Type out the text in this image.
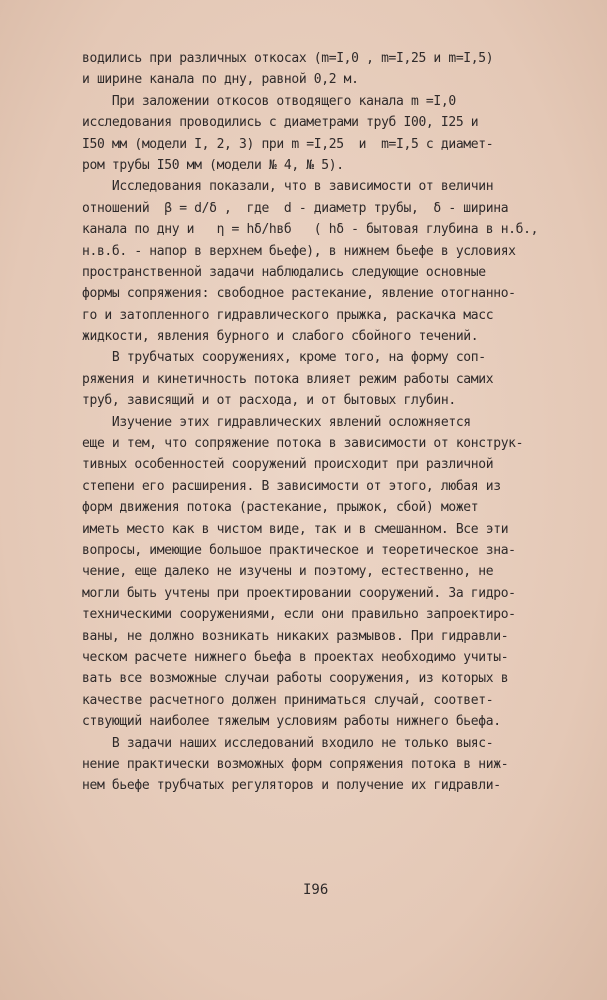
водились при различных откосах (m=I,0 , m=I,25 и m=I,5)
и ширине канала по дну, равной 0,2 м.
При заложении откосов отводящего канала m =I,0
исследования проводились с диаметрами труб I00, I25 и
I50 мм (модели I, 2, 3) при m =I,25  и  m=I,5 с диамет-
ром трубы I50 мм (модели № 4, № 5).
Исследования показали, что в зависимости от величин
отношений  β = d/δ ,  где  d - диаметр трубы,  δ - ширина
канала по дну и   η = hδ/hвб   ( hδ - бытовая глубина в н.б.,
н.в.б. - напор в верхнем бьефе), в нижнем бьефе в условиях
пространственной задачи наблюдались следующие основные
формы сопряжения: свободное растекание, явление отогнанно-
го и затопленного гидравлического прыжка, раскачка масс
жидкости, явления бурного и слабого сбойного течений.
В трубчатых сооружениях, кроме того, на форму соп-
ряжения и кинетичность потока влияет режим работы самих
труб, зависящий и от расхода, и от бытовых глубин.
Изучение этих гидравлических явлений осложняется
еще и тем, что сопряжение потока в зависимости от конструк-
тивных особенностей сооружений происходит при различной
степени его расширения. В зависимости от этого, любая из
форм движения потока (растекание, прыжок, сбой) может
иметь место как в чистом виде, так и в смешанном. Все эти
вопросы, имеющие большое практическое и теоретическое зна-
чение, еще далеко не изучены и поэтому, естественно, не
могли быть учтены при проектировании сооружений. За гидро-
техническими сооружениями, если они правильно запроектиро-
ваны, не должно возникать никаких размывов. При гидравли-
ческом расчете нижнего бьефа в проектах необходимо учиты-
вать все возможные случаи работы сооружения, из которых в
качестве расчетного должен приниматься случай, соответ-
ствующий наиболее тяжелым условиям работы нижнего бьефа.
В задачи наших исследований входило не только выяс-
нение практически возможных форм сопряжения потока в ниж-
нем бьефе трубчатых регуляторов и получение их гидравли-
I96
